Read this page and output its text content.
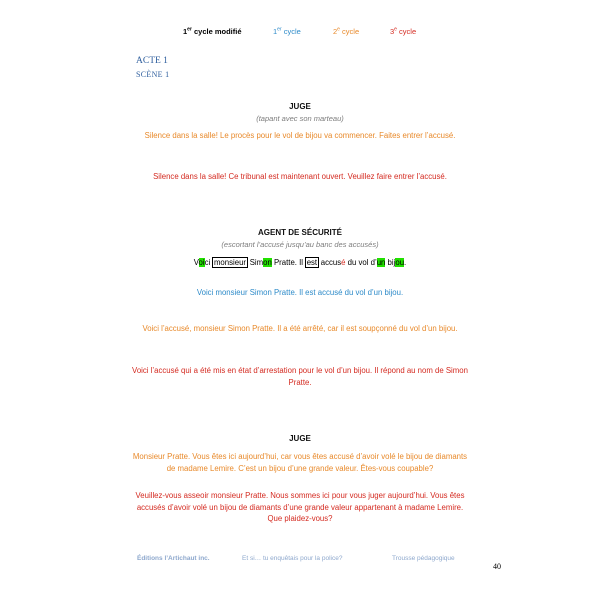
1er cycle modifié	1er cycle	2e cycle	3e cycle
ACTE 1
SCÈNE 1
JUGE
(tapant avec son marteau)
Silence dans la salle! Le procès pour le vol de bijou va commencer. Faites entrer l’accusé.
Silence dans la salle! Ce tribunal est maintenant ouvert. Veuillez faire entrer l’accusé.
AGENT DE SÉCURITÉ
(escortant l’accusé jusqu’au banc des accusés)
Voici monsieur Simon Pratte. Il est accusé du vol d’un bijou.
Voici monsieur Simon Pratte. Il est accusé du vol d’un bijou.
Voici l’accusé, monsieur Simon Pratte. Il a été arrêté, car il est soupçonné du vol d’un bijou.
Voici l’accusé qui a été mis en état d’arrestation pour le vol d’un bijou. Il répond au nom de Simon Pratte.
JUGE
Monsieur Pratte. Vous êtes ici aujourd’hui, car vous êtes accusé d’avoir volé le bijou de diamants de madame Lemire. C’est un bijou d’une grande valeur. Êtes-vous coupable?
Veuillez-vous asseoir monsieur Pratte. Nous sommes ici pour vous juger aujourd’hui. Vous êtes accusés d’avoir volé un bijou de diamants d’une grande valeur appartenant à madame Lemire. Que plaidez-vous?
Éditions l’Artichaut inc.	Et si… tu enquêtais pour la police?	Trousse pédagogique
40
